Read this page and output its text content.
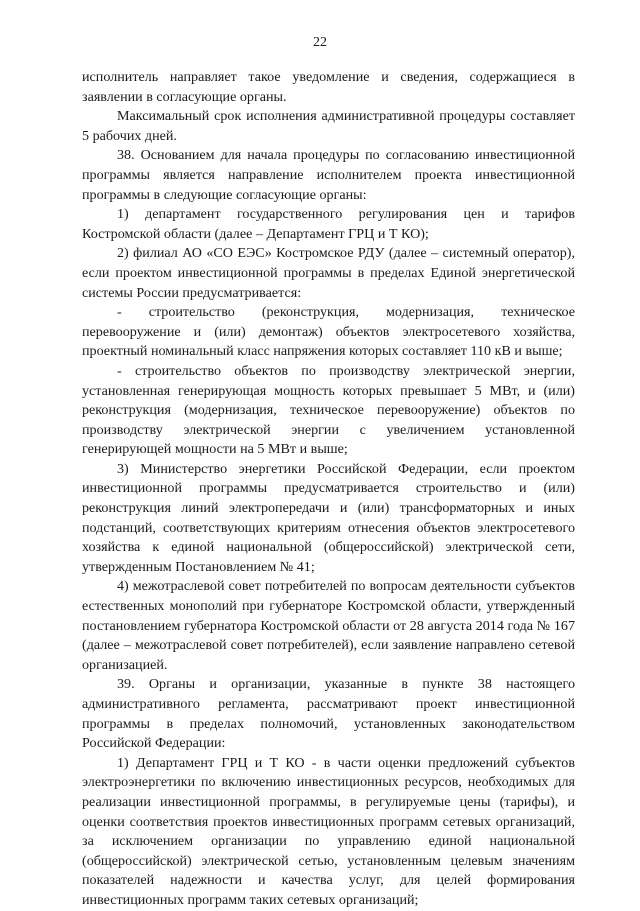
22

исполнитель направляет такое уведомление и сведения, содержащиеся в заявлении в согласующие органы.

Максимальный срок исполнения административной процедуры составляет 5 рабочих дней.

38. Основанием для начала процедуры по согласованию инвестиционной программы является направление исполнителем проекта инвестиционной программы в следующие согласующие органы:

1) департамент государственного регулирования цен и тарифов Костромской области (далее – Департамент ГРЦ и Т КО);

2) филиал АО «СО ЕЭС» Костромское РДУ (далее – системный оператор), если проектом инвестиционной программы в пределах Единой энергетической системы России предусматривается:

- строительство (реконструкция, модернизация, техническое перевооружение и (или) демонтаж) объектов электросетевого хозяйства, проектный номинальный класс напряжения которых составляет 110 кВ и выше;

- строительство объектов по производству электрической энергии, установленная генерирующая мощность которых превышает 5 МВт, и (или) реконструкция (модернизация, техническое перевооружение) объектов по производству электрической энергии с увеличением установленной генерирующей мощности на 5 МВт и выше;

3) Министерство энергетики Российской Федерации, если проектом инвестиционной программы предусматривается строительство и (или) реконструкция линий электропередачи и (или) трансформаторных и иных подстанций, соответствующих критериям отнесения объектов электросетевого хозяйства к единой национальной (общероссийской) электрической сети, утвержденным Постановлением № 41;

4) межотраслевой совет потребителей по вопросам деятельности субъектов естественных монополий при губернаторе Костромской области, утвержденный постановлением губернатора Костромской области от 28 августа 2014 года № 167 (далее – межотраслевой совет потребителей), если заявление направлено сетевой организацией.

39. Органы и организации, указанные в пункте 38 настоящего административного регламента, рассматривают проект инвестиционной программы в пределах полномочий, установленных законодательством Российской Федерации:

1) Департамент ГРЦ и Т КО - в части оценки предложений субъектов электроэнергетики по включению инвестиционных ресурсов, необходимых для реализации инвестиционной программы, в регулируемые цены (тарифы), и оценки соответствия проектов инвестиционных программ сетевых организаций, за исключением организации по управлению единой национальной (общероссийской) электрической сетью, установленным целевым значениям показателей надежности и качества услуг, для целей формирования инвестиционных программ таких сетевых организаций;
